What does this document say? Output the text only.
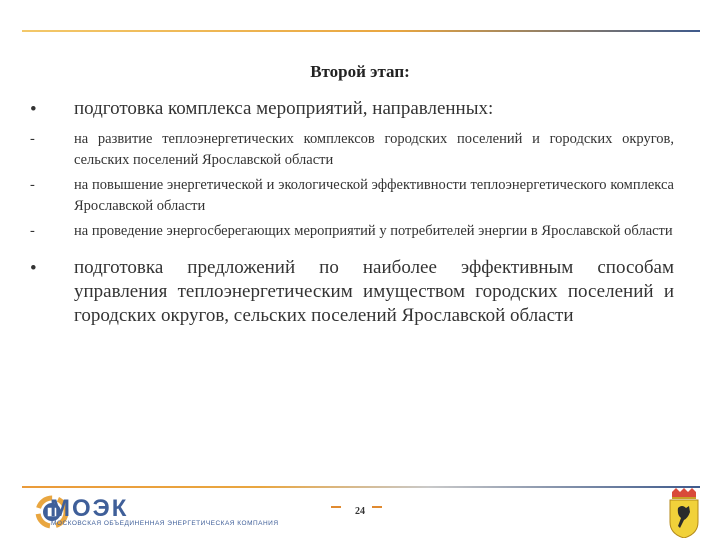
Второй этап:
•	подготовка комплекса мероприятий, направленных:
-	на развитие теплоэнергетических комплексов городских поселений и городских округов, сельских поселений Ярославской области
-	на повышение энергетической и экологической эффективности теплоэнергетического комплекса Ярославской области
-	на проведение энергосберегающих мероприятий у потребителей энергии в Ярославской области
•	подготовка предложений по наиболее эффективным способам управления теплоэнергетическим имуществом городских поселений и городских округов, сельских поселений Ярославской области
МОЭК
МОСКОВСКАЯ ОБЪЕДИНЕННАЯ ЭНЕРГЕТИЧЕСКАЯ КОМПАНИЯ
24
